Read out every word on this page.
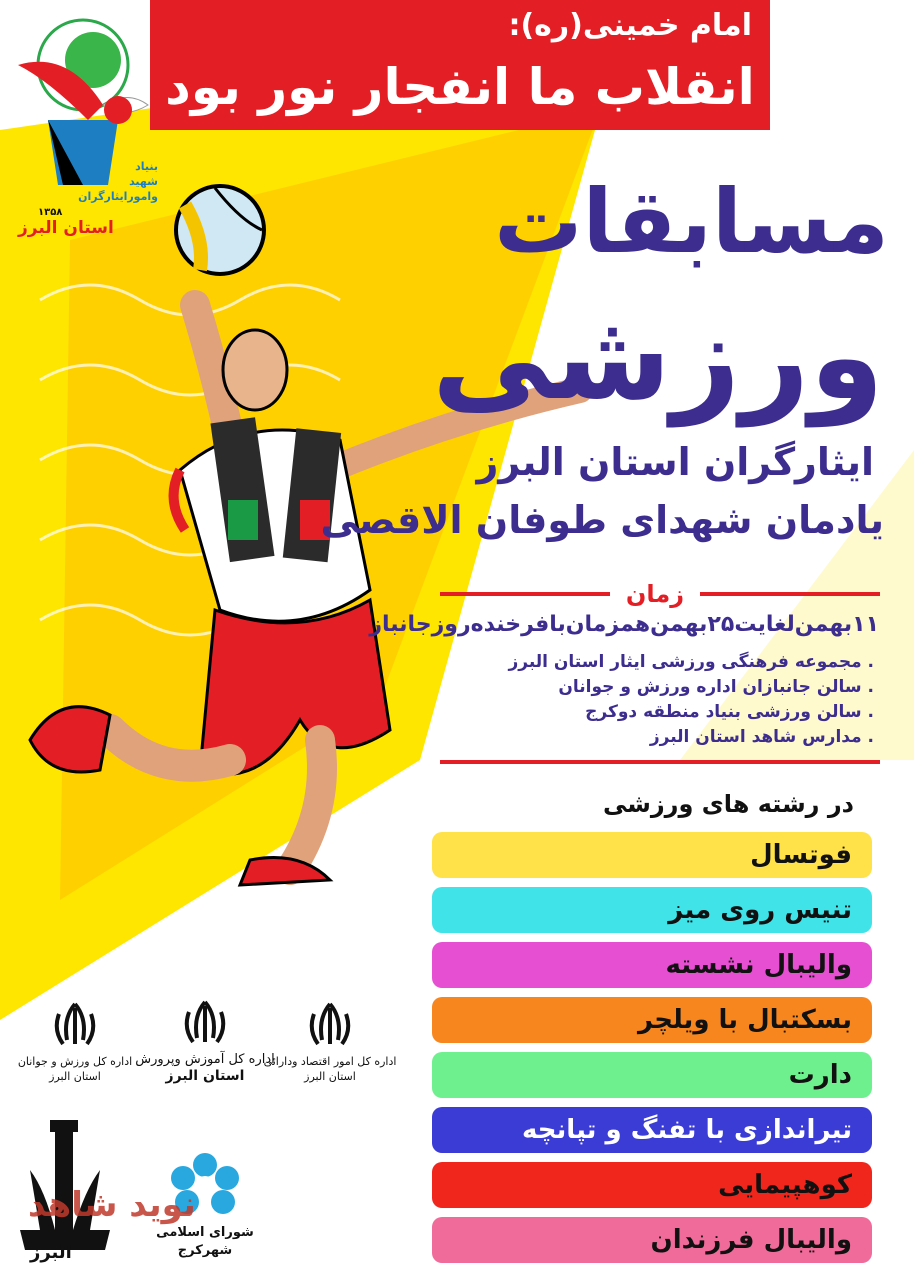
امام خمینی(ره):
انقلاب ما انفجار نور بود
بنیاد
شهید
وامورایثارگران
۱۳۵۸
استان البرز	مسابقات
ورزشی
ایثارگران استان البرز
یادمان شهدای طوفان الاقصی
زمان
۱۱بهمن‌لغایت۲۵بهمن‌همزمان‌بافرخنده‌روزجانباز
. مجموعه فرهنگی ورزشی ایثار استان البرز
. سالن جانبازان اداره ورزش و جوانان
. سالن ورزشی بنیاد منطقه دوکرج
. مدارس شاهد استان البرز
در رشته های ورزشی
فوتسال
تنیس روی میز
والیبال نشسته
بسکتبال با ویلچر
دارت
تیراندازی با تفنگ و تپانچه
کوهپیمایی
والیبال فرزندان
اداره کل امور اقتصاد ودارائی
استان البرز
اداره کل آموزش وپرورش
استان البرز
اداره کل ورزش و جوانان
استان البرز
شورای اسلامی شهرکرج
البرز
نوید شاهد
